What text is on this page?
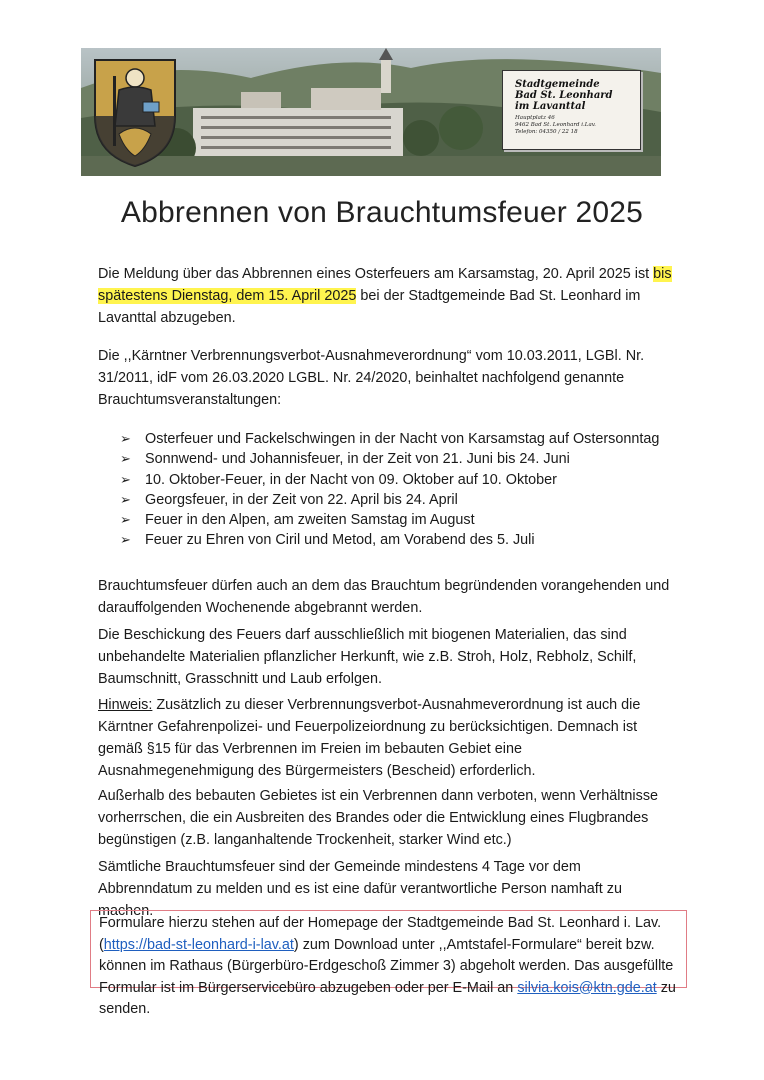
Stadtgemeinde
Bad St. Leonhard
im Lavanttal
Hauptplatz 46
9462 Bad St. Leonhard i.Lav.
Telefon: 04350 / 22 18
Abbrennen von Brauchtumsfeuer 2025

Die Meldung über das Abbrennen eines Osterfeuers am Karsamstag, 20. April 2025 ist bis spätestens Dienstag, dem 15. April 2025 bei der Stadtgemeinde Bad St. Leonhard im Lavanttal abzugeben.

Die ,,Kärntner Verbrennungsverbot-Ausnahmeverordnung“ vom 10.03.2011, LGBl. Nr. 31/2011, idF vom 26.03.2020 LGBL. Nr. 24/2020, beinhaltet nachfolgend genannte Brauchtumsveranstaltungen:

➢ Osterfeuer und Fackelschwingen in der Nacht von Karsamstag auf Ostersonntag
➢ Sonnwend- und Johannisfeuer, in der Zeit von 21. Juni bis 24. Juni
➢ 10. Oktober-Feuer, in der Nacht von 09. Oktober auf 10. Oktober
➢ Georgsfeuer, in der Zeit von 22. April bis 24. April
➢ Feuer in den Alpen, am zweiten Samstag im August
➢ Feuer zu Ehren von Ciril und Metod, am Vorabend des 5. Juli

Brauchtumsfeuer dürfen auch an dem das Brauchtum begründenden vorangehenden und darauffolgenden Wochenende abgebrannt werden.

Die Beschickung des Feuers darf ausschließlich mit biogenen Materialien, das sind unbehandelte Materialien pflanzlicher Herkunft, wie z.B. Stroh, Holz, Rebholz, Schilf, Baumschnitt, Grasschnitt und Laub erfolgen.

Hinweis: Zusätzlich zu dieser Verbrennungsverbot-Ausnahmeverordnung ist auch die Kärntner Gefahrenpolizei- und Feuerpolizeiordnung zu berücksichtigen. Demnach ist gemäß §15 für das Verbrennen im Freien im bebauten Gebiet eine Ausnahmegenehmigung des Bürgermeisters (Bescheid) erforderlich.

Außerhalb des bebauten Gebietes ist ein Verbrennen dann verboten, wenn Verhältnisse vorherrschen, die ein Ausbreiten des Brandes oder die Entwicklung eines Flugbrandes begünstigen (z.B. langanhaltende Trockenheit, starker Wind etc.)

Sämtliche Brauchtumsfeuer sind der Gemeinde mindestens 4 Tage vor dem Abbrenndatum zu melden und es ist eine dafür verantwortliche Person namhaft zu machen.

Formulare hierzu stehen auf der Homepage der Stadtgemeinde Bad St. Leonhard i. Lav. (https://bad-st-leonhard-i-lav.at) zum Download unter ,,Amtstafel-Formulare“ bereit bzw. können im Rathaus (Bürgerbüro-Erdgeschoß Zimmer 3) abgeholt werden. Das ausgefüllte Formular ist im Bürgerservicebüro abzugeben oder per E-Mail an silvia.kois@ktn.gde.at zu senden.
